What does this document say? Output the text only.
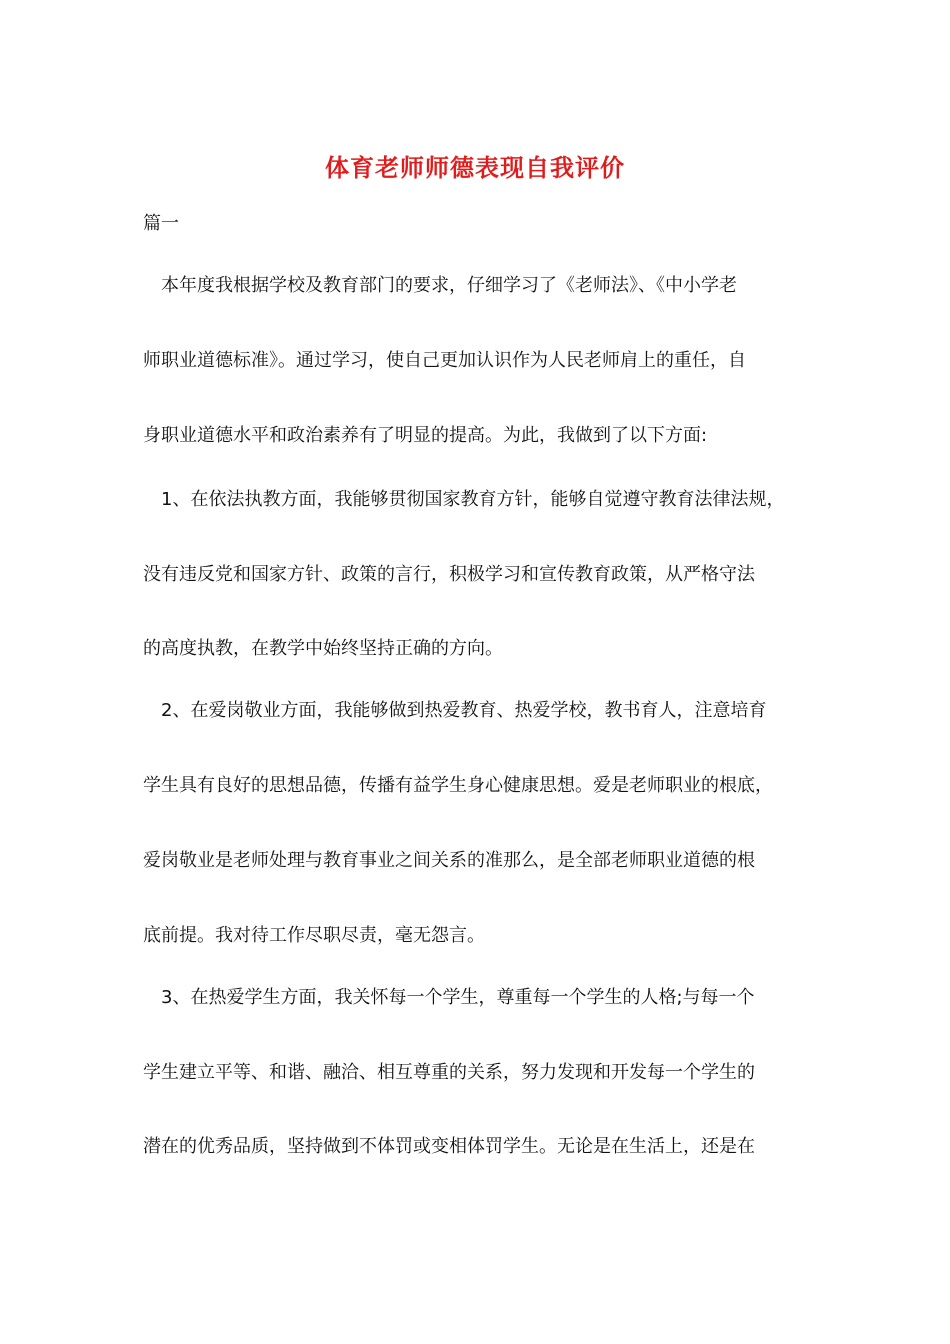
体育老师师德表现自我评价
篇一
本年度我根据学校及教育部门的要求，仔细学习了《老师法》、《中小学老
师职业道德标准》。通过学习，使自己更加认识作为人民老师肩上的重任，自
身职业道德水平和政治素养有了明显的提高。为此，我做到了以下方面:
1、在依法执教方面，我能够贯彻国家教育方针，能够自觉遵守教育法律法规，
没有违反党和国家方针、政策的言行，积极学习和宣传教育政策，从严格守法
的高度执教，在教学中始终坚持正确的方向。
2、在爱岗敬业方面，我能够做到热爱教育、热爱学校，教书育人，注意培育
学生具有良好的思想品德，传播有益学生身心健康思想。爱是老师职业的根底，
爱岗敬业是老师处理与教育事业之间关系的准那么，是全部老师职业道德的根
底前提。我对待工作尽职尽责，毫无怨言。
3、在热爱学生方面，我关怀每一个学生，尊重每一个学生的人格;与每一个
学生建立平等、和谐、融洽、相互尊重的关系，努力发现和开发每一个学生的
潜在的优秀品质，坚持做到不体罚或变相体罚学生。无论是在生活上，还是在
